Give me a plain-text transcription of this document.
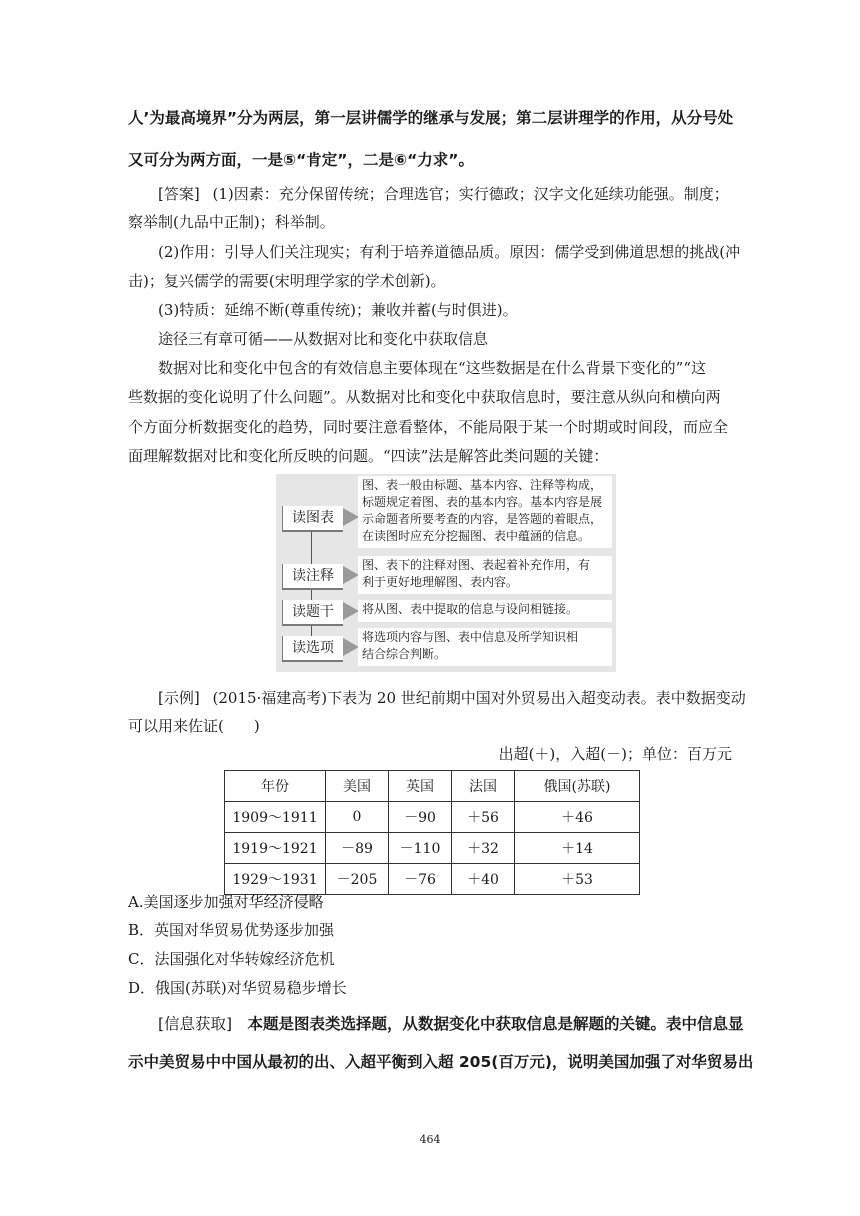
人’为最高境界”分为两层，第一层讲儒学的继承与发展；第二层讲理学的作用，从分号处
又可分为两方面，一是⑤“肯定”，二是⑥“力求”。
[答案] (1)因素：充分保留传统；合理选官；实行德政；汉字文化延续功能强。制度；
察举制(九品中正制)；科举制。
(2)作用：引导人们关注现实；有利于培养道德品质。原因：儒学受到佛道思想的挑战(冲
击)；复兴儒学的需要(宋明理学家的学术创新)。
(3)特质：延绵不断(尊重传统)；兼收并蓄(与时俱进)。
途径三有章可循——从数据对比和变化中获取信息
数据对比和变化中包含的有效信息主要体现在“这些数据是在什么背景下变化的”“这
些数据的变化说明了什么问题”。从数据对比和变化中获取信息时，要注意从纵向和横向两
个方面分析数据变化的趋势，同时要注意看整体，不能局限于某一个时期或时间段，而应全
面理解数据对比和变化所反映的问题。“四读”法是解答此类问题的关键：
读图表
图、表一般由标题、基本内容、注释等构成，
标题规定着图、表的基本内容。基本内容是展
示命题者所要考查的内容，是答题的着眼点，
在读图时应充分挖掘图、表中蕴涵的信息。
读注释
图、表下的注释对图、表起着补充作用，有
利于更好地理解图、表内容。
读题干	将从图、表中提取的信息与设问相链接。
读选项
将选项内容与图、表中信息及所学知识相
结合综合判断。
[示例] (2015·福建高考)下表为 20 世纪前期中国对外贸易出入超变动表。表中数据变动
可以用来佐证(　　)
出超(＋)，入超(－)；单位：百万元
年份	美国	英国	法国	俄国(苏联)
1909～1911	0	－90	＋56	＋46
1919～1921	－89	－110	＋32	＋14
1929～1931	－205	－76	＋40	＋53
A.美国逐步加强对华经济侵略
B．英国对华贸易优势逐步加强
C．法国强化对华转嫁经济危机
D．俄国(苏联)对华贸易稳步增长
[信息获取] 本题是图表类选择题，从数据变化中获取信息是解题的关键。表中信息显
示中美贸易中中国从最初的出、入超平衡到入超 205(百万元)，说明美国加强了对华贸易出
464
